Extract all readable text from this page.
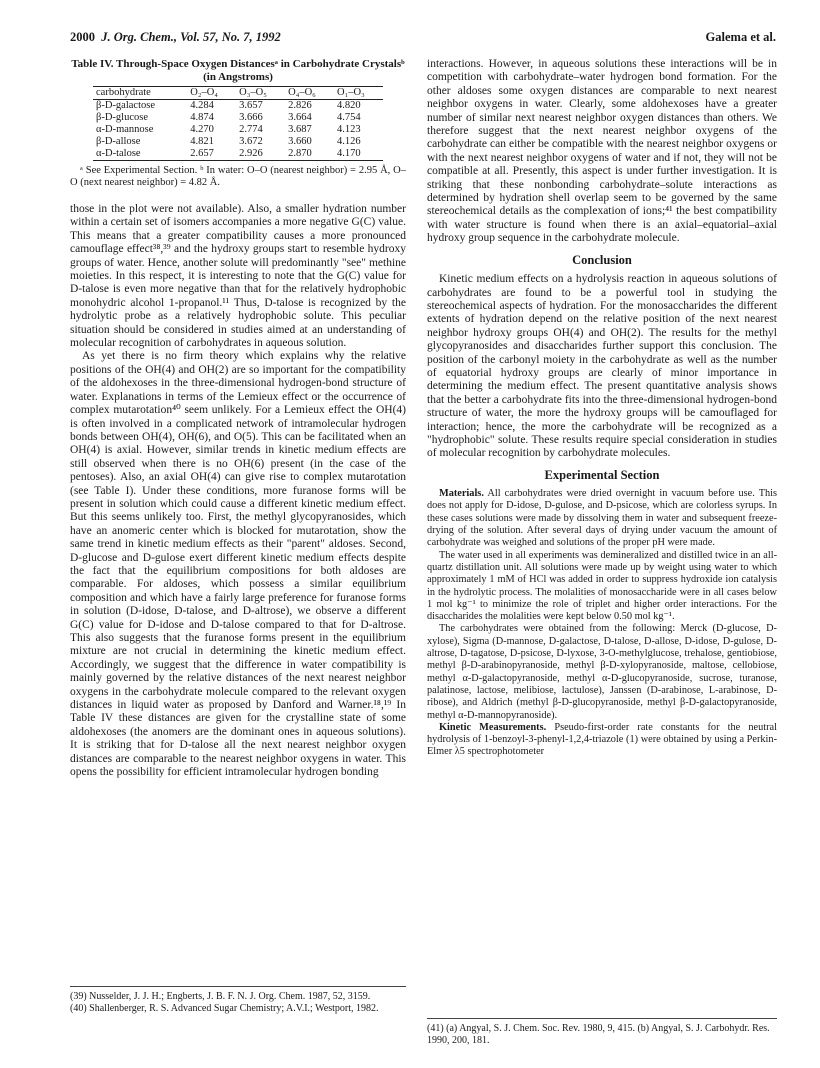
2000 J. Org. Chem., Vol. 57, No. 7, 1992	Galema et al.
Table IV. Through-Space Oxygen Distancesᵃ in Carbohydrate Crystalsᵇ (in Angstroms)
carbohydrate	O₂–O₄	O₃–O₅	O₄–O₆	O₁–O₃
β-D-galactose	4.284	3.657	2.826	4.820
β-D-glucose	4.874	3.666	3.664	4.754
α-D-mannose	4.270	2.774	3.687	4.123
β-D-allose	4.821	3.672	3.660	4.126
α-D-talose	2.657	2.926	2.870	4.170
ᵃ See Experimental Section. ᵇ In water: O–O (nearest neighbor) = 2.95 Å, O–O (next nearest neighbor) = 4.82 Å.

those in the plot were not available). Also, a smaller hydration number within a certain set of isomers accompanies a more negative G(C) value. This means that a greater compatibility causes a more pronounced camouflage effect³⁸,³⁹ and the hydroxy groups start to resemble hydroxy groups of water. Hence, another solute will predominantly "see" methine moieties. In this respect, it is interesting to note that the G(C) value for D-talose is even more negative than that for the relatively hydrophobic monohydric alcohol 1-propanol.¹¹ Thus, D-talose is recognized by the hydrolytic probe as a relatively hydrophobic solute. This peculiar situation should be considered in studies aimed at an understanding of molecular recognition of carbohydrates in aqueous solution.

As yet there is no firm theory which explains why the relative positions of the OH(4) and OH(2) are so important for the compatibility of the aldohexoses in the three-dimensional hydrogen-bond structure of water. Explanations in terms of the Lemieux effect or the occurrence of complex mutarotation⁴⁰ seem unlikely. For a Lemieux effect the OH(4) is often involved in a complicated network of intramolecular hydrogen bonds between OH(4), OH(6), and O(5). This can be facilitated when an OH(4) is axial. However, similar trends in kinetic medium effects are still observed when there is no OH(6) present (in the case of the pentoses). Also, an axial OH(4) can give rise to complex mutarotation (see Table I). Under these conditions, more furanose forms will be present in solution which could cause a different kinetic medium effect. But this seems unlikely too. First, the methyl glycopyranosides, which have an anomeric center which is blocked for mutarotation, show the same trend in kinetic medium effects as their "parent" aldoses. Second, D-glucose and D-gulose exert different kinetic medium effects despite the fact that the equilibrium compositions for both aldoses are comparable. For aldoses, which possess a similar equilibrium composition and which have a fairly large preference for furanose forms in solution (D-idose, D-talose, and D-altrose), we observe a different G(C) value for D-idose and D-talose compared to that for D-altrose. This also suggests that the furanose forms present in the equilibrium mixture are not crucial in determining the kinetic medium effect. Accordingly, we suggest that the difference in water compatibility is mainly governed by the relative distances of the next nearest neighbor oxygens in the carbohydrate molecule compared to the relevant oxygen distances in liquid water as proposed by Danford and Warner.¹⁸,¹⁹ In Table IV these distances are given for the crystalline state of some aldohexoses (the anomers are the dominant ones in aqueous solutions). It is striking that for D-talose all the next nearest neighbor oxygen distances are comparable to the nearest neighbor oxygens in water. This opens the possibility for efficient intramolecular hydrogen bonding

interactions. However, in aqueous solutions these interactions will be in competition with carbohydrate–water hydrogen bond formation. For the other aldoses some oxygen distances are comparable to next nearest neighbor oxygens in water. Clearly, some aldohexoses have a greater number of similar next nearest neighbor oxygen distances than others. We therefore suggest that the next nearest neighbor oxygens of the carbohydrate can either be compatible with the nearest neighbor oxygens or with the next nearest neighbor oxygens of water and if not, they will not be compatible at all. Presently, this aspect is under further investigation. It is striking that these nonbonding carbohydrate–solute interactions as determined by hydration shell overlap seem to be governed by the same stereochemical details as the complexation of ions;⁴¹ the best compatibility with water structure is found when there is an axial–equatorial–axial hydroxy group sequence in the carbohydrate molecule.

Conclusion

Kinetic medium effects on a hydrolysis reaction in aqueous solutions of carbohydrates are found to be a powerful tool in studying the stereochemical aspects of hydration. For the monosaccharides the different extents of hydration depend on the relative position of the next nearest neighbor hydroxy groups OH(4) and OH(2). The results for the methyl glycopyranosides and disaccharides further support this conclusion. The position of the carbonyl moiety in the carbohydrate as well as the number of equatorial hydroxy groups are clearly of minor importance in determining the medium effect. The present quantitative analysis shows that the better a carbohydrate fits into the three-dimensional hydrogen-bond structure of water, the more the hydroxy groups will be camouflaged for interaction; hence, the more the carbohydrate will be recognized as a "hydrophobic" solute. These results require special consideration in studies of molecular recognition by carbohydrate molecules.

Experimental Section

Materials. All carbohydrates were dried overnight in vacuum before use. This does not apply for D-idose, D-gulose, and D-psicose, which are colorless syrups. In these cases solutions were made by dissolving them in water and subsequent freeze-drying of the solution. After several days of drying under vacuum the amount of carbohydrate was weighed and solutions of the proper pH were made.

The water used in all experiments was demineralized and distilled twice in an all-quartz distillation unit. All solutions were made up by weight using water to which approximately 1 mM of HCl was added in order to suppress hydroxide ion catalysis in the hydrolytic process. The molalities of monosaccharide were in all cases below 1 mol kg⁻¹ to minimize the role of triplet and higher order interactions. For the disaccharides the molalities were kept below 0.50 mol kg⁻¹.

The carbohydrates were obtained from the following: Merck (D-glucose, D-xylose), Sigma (D-mannose, D-galactose, D-talose, D-allose, D-idose, D-gulose, D-altrose, D-tagatose, D-psicose, D-lyxose, 3-O-methylglucose, trehalose, gentiobiose, methyl β-D-arabinopyranoside, methyl β-D-xylopyranoside, maltose, cellobiose, methyl α-D-galactopyranoside, methyl α-D-glucopyranoside, sucrose, turanose, palatinose, lactose, melibiose, lactulose), Janssen (D-arabinose, L-arabinose, D-ribose), and Aldrich (methyl β-D-glucopyranoside, methyl β-D-galactopyranoside, methyl α-D-mannopyranoside).

Kinetic Measurements. Pseudo-first-order rate constants for the neutral hydrolysis of 1-benzoyl-3-phenyl-1,2,4-triazole (1) were obtained by using a Perkin-Elmer λ5 spectrophotometer

(39) Nusselder, J. J. H.; Engberts, J. B. F. N. J. Org. Chem. 1987, 52, 3159.

(40) Shallenberger, R. S. Advanced Sugar Chemistry; A.V.I.; Westport, 1982.

(41) (a) Angyal, S. J. Chem. Soc. Rev. 1980, 9, 415. (b) Angyal, S. J. Carbohydr. Res. 1990, 200, 181.
